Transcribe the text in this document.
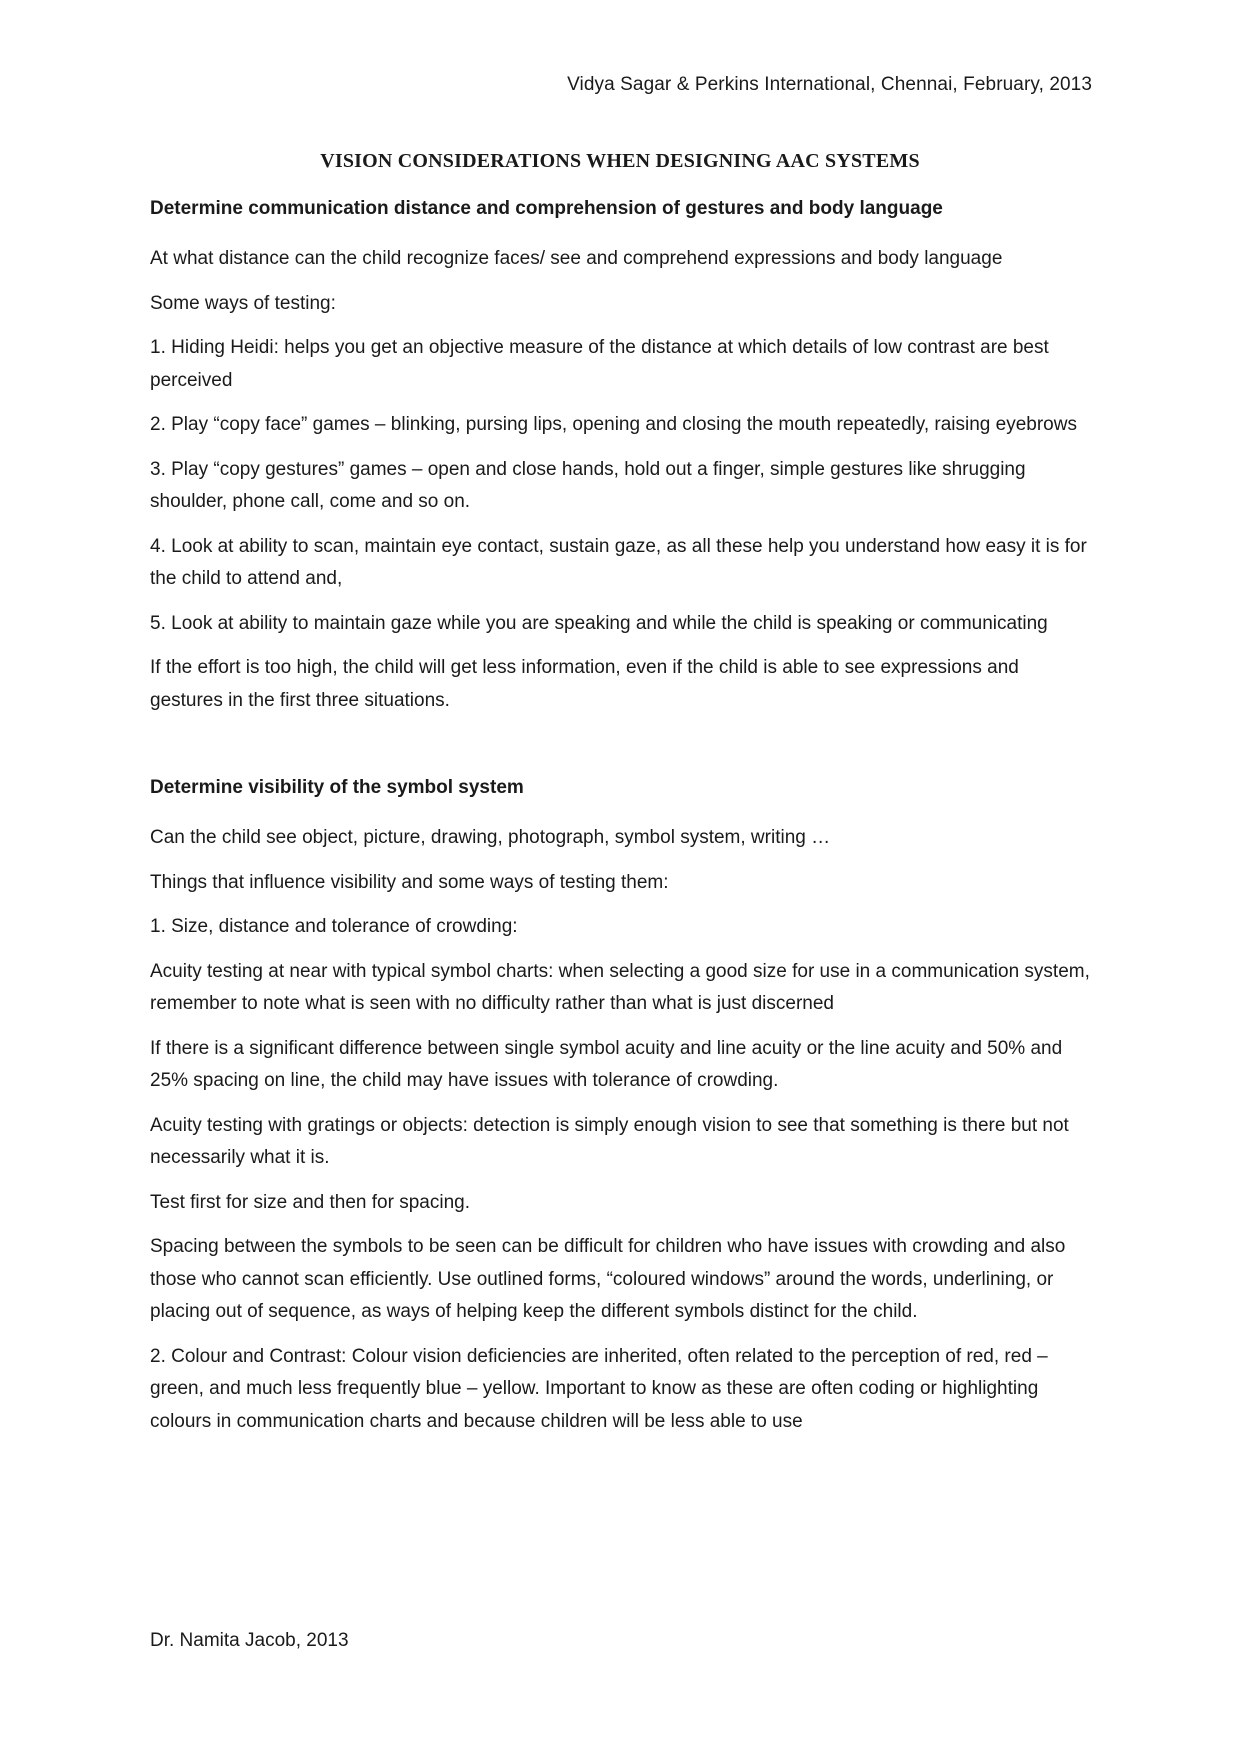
Vidya Sagar & Perkins International, Chennai, February, 2013
VISION CONSIDERATIONS WHEN DESIGNING AAC SYSTEMS
Determine communication distance and comprehension of gestures and body language

At what distance can the child recognize faces/ see and comprehend expressions and body language

Some ways of testing:

1. Hiding Heidi: helps you get an objective measure of the distance at which details of low contrast are best perceived

2. Play “copy face” games – blinking, pursing lips, opening and closing the mouth repeatedly, raising eyebrows

3. Play “copy gestures” games – open and close hands, hold out a finger, simple gestures like shrugging shoulder, phone call, come and so on.

4. Look at ability to scan, maintain eye contact, sustain gaze, as all these help you understand how easy it is for the child to attend and,

5. Look at ability to maintain gaze while you are speaking and while the child is speaking or communicating

If the effort is too high, the child will get less information, even if the child is able to see expressions and gestures in the first three situations.

Determine visibility of the symbol system

Can the child see object, picture, drawing, photograph, symbol system, writing …

Things that influence visibility and some ways of testing them:

1. Size, distance and tolerance of crowding:

Acuity testing at near with typical symbol charts: when selecting a good size for use in a communication system, remember to note what is seen with no difficulty rather than what is just discerned

If there is a significant difference between single symbol acuity and line acuity or the line acuity and 50% and 25% spacing on line, the child may have issues with tolerance of crowding.

Acuity testing with gratings or objects: detection is simply enough vision to see that something is there but not necessarily what it is.

Test first for size and then for spacing.

Spacing between the symbols to be seen can be difficult for children who have issues with crowding and also those who cannot scan efficiently. Use outlined forms, “coloured windows” around the words, underlining, or placing out of sequence, as ways of helping keep the different symbols distinct for the child.

2. Colour and Contrast: Colour vision deficiencies are inherited, often related to the perception of red, red – green, and much less frequently blue – yellow. Important to know as these are often coding or highlighting colours in communication charts and because children will be less able to use

Dr. Namita Jacob, 2013
